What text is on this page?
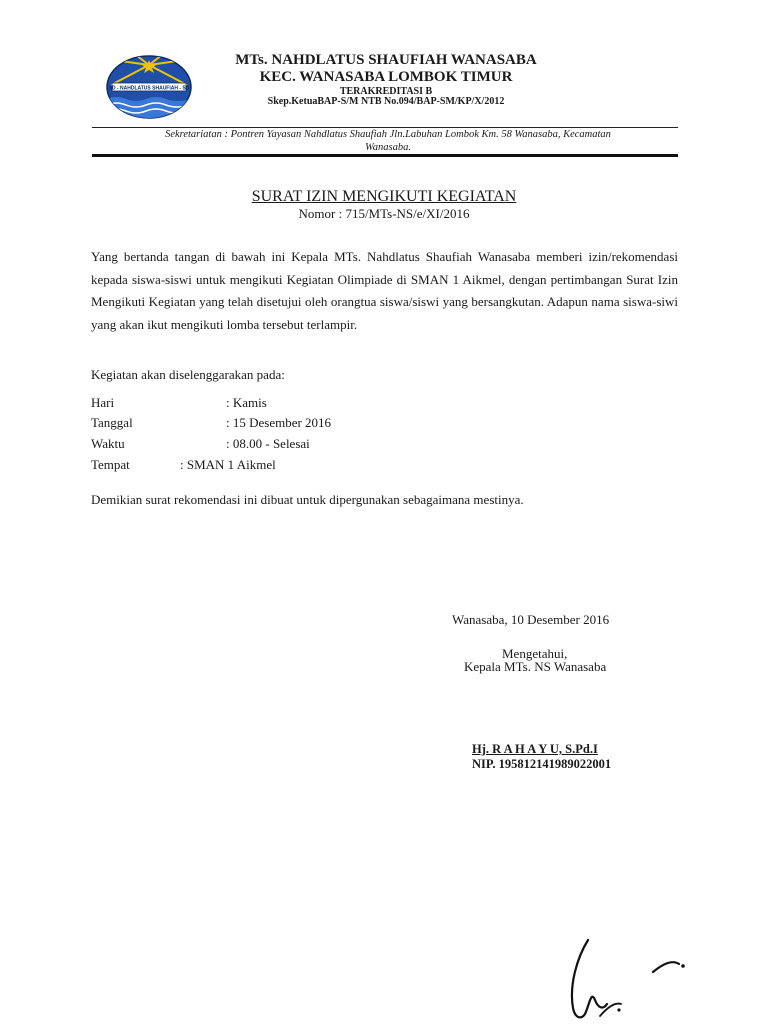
SD - NAHDLATUS SHAUFIAH - SD
MTs. NAHDLATUS SHAUFIAH WANASABA
KEC. WANASABA LOMBOK TIMUR
TERAKREDITASI B
Skep.KetuaBAP-S/M NTB No.094/BAP-SM/KP/X/2012
Sekretariatan : Pontren Yayasan Nahdlatus Shaufiah Jln.Labuhan Lombok Km. 58 Wanasaba, Kecamatan
Wanasaba.
SURAT IZIN MENGIKUTI KEGIATAN
Nomor : 715/MTs-NS/e/XI/2016
Yang bertanda tangan di bawah ini Kepala MTs. Nahdlatus Shaufiah Wanasaba memberi izin/rekomendasi kepada siswa-siswi untuk mengikuti Kegiatan Olimpiade di SMAN 1 Aikmel, dengan pertimbangan Surat Izin Mengikuti Kegiatan yang telah disetujui oleh orangtua siswa/siswi yang bersangkutan. Adapun nama siswa-siwi yang akan ikut mengikuti lomba tersebut terlampir.
Kegiatan akan diselenggarakan pada:
Hari	: Kamis
Tanggal	: 15 Desember 2016
Waktu	: 08.00 - Selesai
Tempat	: SMAN 1 Aikmel
Demikian surat rekomendasi ini dibuat untuk dipergunakan sebagaimana mestinya.
Wanasaba, 10 Desember 2016
Mengetahui,
Kepala MTs. NS Wanasaba
Hj. R A H A Y U, S.Pd.I
NIP. 195812141989022001
